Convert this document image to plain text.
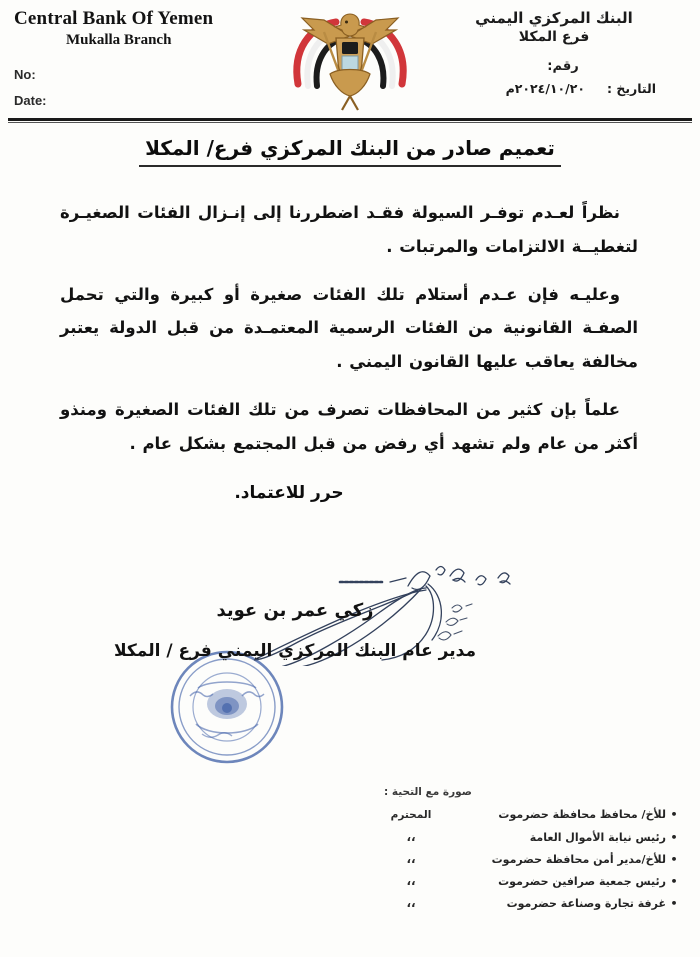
Central Bank Of Yemen
Mukalla Branch
No:
Date:
البنك المركزي اليمني
فرع المكلا
رقم:
التاريخ :
٢٠٢٤/١٠/٢٠م
تعميم صادر من البنك المركزي فرع/ المكلا

نظراً لعـدم توفـر السيولة فقـد اضطررنا إلى إنـزال الفئات الصغيـرة لتغطيــة الالتزامات والمرتبات .

وعليـه فإن عـدم أستلام تلك الفئات صغيرة أو كبيرة والتي تحمل الصفـة القانونية من الفئات الرسمية المعتمـدة من قبل الدولة يعتبر مخالفة يعاقب عليها القانون اليمني .

علماً بإن كثير من المحافظات تصرف من تلك الفئات الصغيرة ومنذو أكثر من عام ولم تشهد أي رفض من قبل المجتمع بشكل عام .

حرر للاعتماد.
زكي عمر بن عويد
مدير عام البنك المركزي اليمني فرع / المكلا
صورة مع التحية :
•
للأخ/ محافظ محافظة حضرموت
المحترم
•
رئيس نيابة الأموال العامة
،،
•
للأخ/مدير أمن محافظة حضرموت
،،
•
رئيس جمعية صرافين حضرموت
،،
•
غرفة تجارة وصناعة حضرموت
،،
